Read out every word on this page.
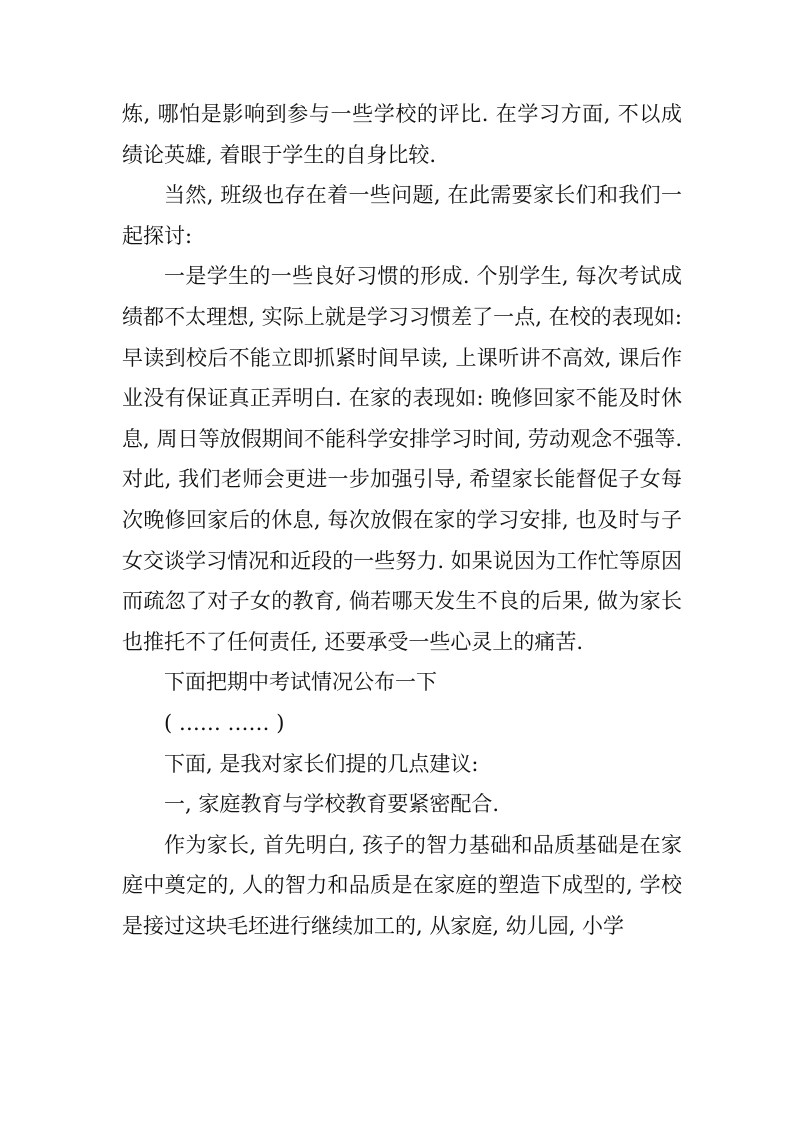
炼, 哪怕是影响到参与一些学校的评比. 在学习方面, 不以成绩论英雄, 着眼于学生的自身比较.

当然, 班级也存在着一些问题, 在此需要家长们和我们一起探讨:

一是学生的一些良好习惯的形成. 个别学生, 每次考试成绩都不太理想, 实际上就是学习习惯差了一点, 在校的表现如: 早读到校后不能立即抓紧时间早读, 上课听讲不高效, 课后作业没有保证真正弄明白. 在家的表现如: 晚修回家不能及时休息, 周日等放假期间不能科学安排学习时间, 劳动观念不强等. 对此, 我们老师会更进一步加强引导, 希望家长能督促子女每次晚修回家后的休息, 每次放假在家的学习安排, 也及时与子女交谈学习情况和近段的一些努力. 如果说因为工作忙等原因而疏忽了对子女的教育, 倘若哪天发生不良的后果, 做为家长也推托不了任何责任, 还要承受一些心灵上的痛苦.

下面把期中考试情况公布一下

( …… …… )

下面, 是我对家长们提的几点建议:

一, 家庭教育与学校教育要紧密配合.

作为家长, 首先明白, 孩子的智力基础和品质基础是在家庭中奠定的, 人的智力和品质是在家庭的塑造下成型的, 学校是接过这块毛坯进行继续加工的, 从家庭, 幼儿园, 小学
